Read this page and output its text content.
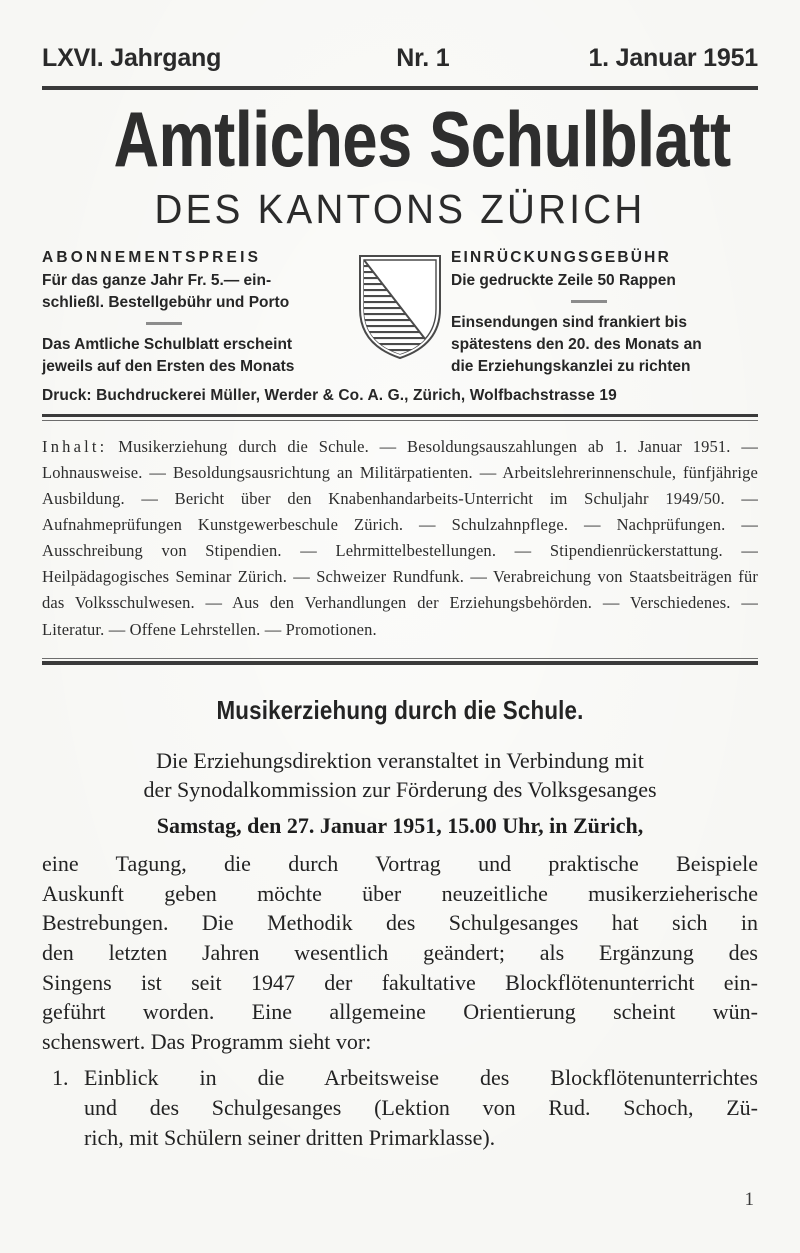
LXVI. Jahrgang	Nr. 1	1. Januar 1951
Amtliches Schulblatt
DES KANTONS ZÜRICH
ABONNEMENTSPREIS
Für das ganze Jahr Fr. 5.— ein-
schließl. Bestellgebühr und Porto
Das Amtliche Schulblatt erscheint
jeweils auf den Ersten des Monats
EINRÜCKUNGSGEBÜHR
Die gedruckte Zeile 50 Rappen
Einsendungen sind frankiert bis
spätestens den 20. des Monats an
die Erziehungskanzlei zu richten
Druck: Buchdruckerei Müller, Werder & Co. A. G., Zürich, Wolfbachstrasse 19
Inhalt: Musikerziehung durch die Schule. — Besoldungsauszahlungen ab 1. Januar 1951. — Lohnausweise. — Besoldungsausrichtung an Militärpatienten. — Arbeitslehrerinnenschule, fünfjährige Ausbildung. — Bericht über den Knabenhandarbeits-Unterricht im Schuljahr 1949/50. — Aufnahmeprüfungen Kunstgewerbeschule Zürich. — Schulzahnpflege. — Nachprüfungen. — Ausschreibung von Stipendien. — Lehrmittelbestellungen. — Stipendienrückerstattung. — Heilpädagogisches Seminar Zürich. — Schweizer Rundfunk. — Verabreichung von Staatsbeiträgen für das Volksschulwesen. — Aus den Verhandlungen der Erziehungsbehörden. — Verschiedenes. — Literatur. — Offene Lehrstellen. — Promotionen.
Musikerziehung durch die Schule.
Die Erziehungsdirektion veranstaltet in Verbindung mit
der Synodalkommission zur Förderung des Volksgesanges
Samstag, den 27. Januar 1951, 15.00 Uhr, in Zürich,
eine Tagung, die durch Vortrag und praktische Beispiele
Auskunft geben möchte über neuzeitliche musikerzieherische
Bestrebungen. Die Methodik des Schulgesanges hat sich in
den letzten Jahren wesentlich geändert; als Ergänzung des
Singens ist seit 1947 der fakultative Blockflötenunterricht ein-
geführt worden. Eine allgemeine Orientierung scheint wün-
schenswert. Das Programm sieht vor:
1. Einblick in die Arbeitsweise des Blockflötenunterrichtes
und des Schulgesanges (Lektion von Rud. Schoch, Zü-
rich, mit Schülern seiner dritten Primarklasse).
1
